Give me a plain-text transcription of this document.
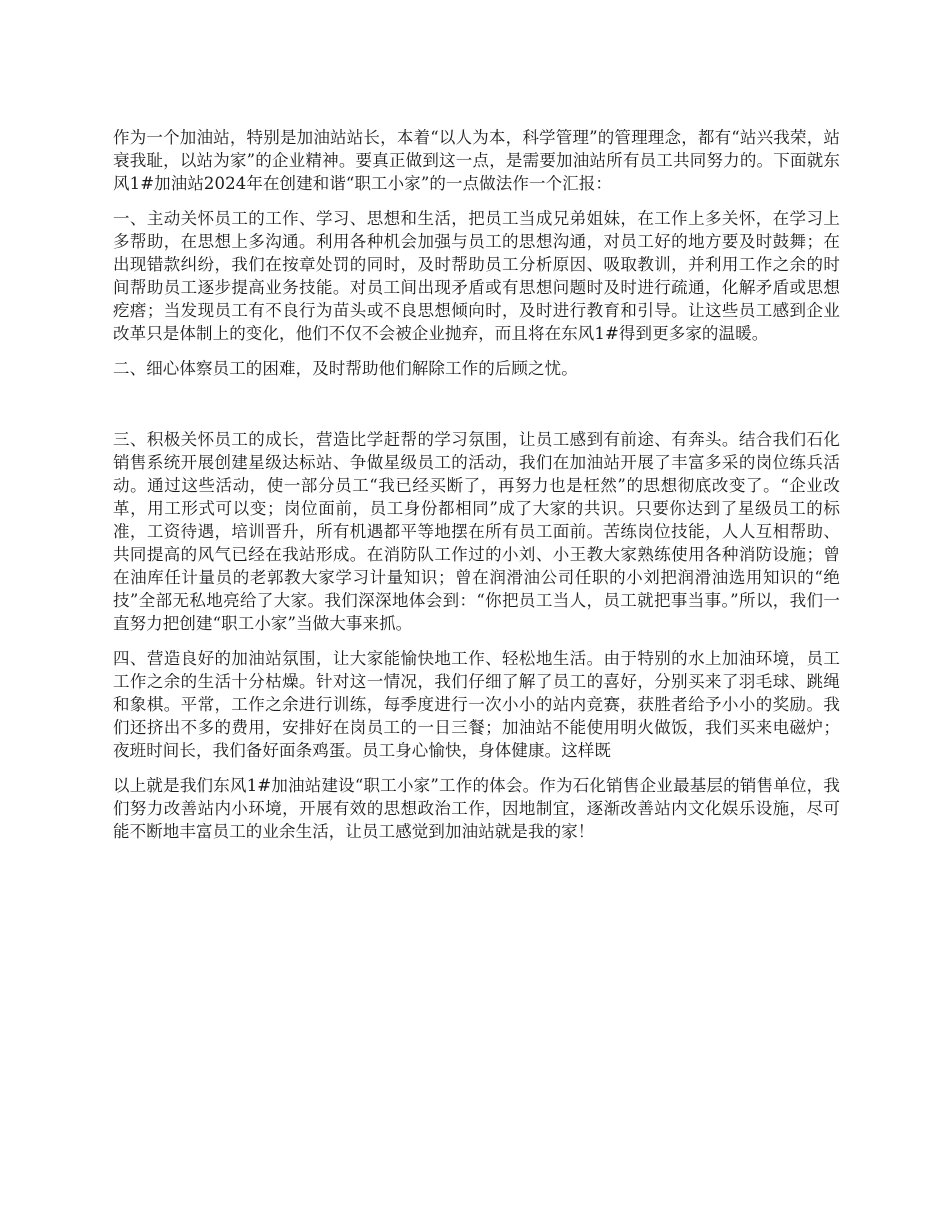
作为一个加油站，特别是加油站站长，本着“以人为本，科学管理”的管理理念，都有“站兴我荣，站衰我耻，以站为家”的企业精神。要真正做到这一点，是需要加油站所有员工共同努力的。下面就东风1#加油站2024年在创建和谐“职工小家”的一点做法作一个汇报：

一、主动关怀员工的工作、学习、思想和生活，把员工当成兄弟姐妹，在工作上多关怀，在学习上多帮助，在思想上多沟通。利用各种机会加强与员工的思想沟通，对员工好的地方要及时鼓舞；在出现错款纠纷，我们在按章处罚的同时，及时帮助员工分析原因、吸取教训，并利用工作之余的时间帮助员工逐步提高业务技能。对员工间出现矛盾或有思想问题时及时进行疏通，化解矛盾或思想疙瘩；当发现员工有不良行为苗头或不良思想倾向时，及时进行教育和引导。让这些员工感到企业改革只是体制上的变化，他们不仅不会被企业抛弃，而且将在东风1#得到更多家的温暖。

二、细心体察员工的困难，及时帮助他们解除工作的后顾之忧。

三、积极关怀员工的成长，营造比学赶帮的学习氛围，让员工感到有前途、有奔头。结合我们石化销售系统开展创建星级达标站、争做星级员工的活动，我们在加油站开展了丰富多采的岗位练兵活动。通过这些活动，使一部分员工“我已经买断了，再努力也是枉然”的思想彻底改变了。“企业改革，用工形式可以变；岗位面前，员工身份都相同”成了大家的共识。只要你达到了星级员工的标准，工资待遇，培训晋升，所有机遇都平等地摆在所有员工面前。苦练岗位技能，人人互相帮助、共同提高的风气已经在我站形成。在消防队工作过的小刘、小王教大家熟练使用各种消防设施；曾在油库任计量员的老郭教大家学习计量知识；曾在润滑油公司任职的小刘把润滑油选用知识的“绝技”全部无私地亮给了大家。我们深深地体会到：“你把员工当人，员工就把事当事。”所以，我们一直努力把创建“职工小家”当做大事来抓。

四、营造良好的加油站氛围，让大家能愉快地工作、轻松地生活。由于特别的水上加油环境，员工工作之余的生活十分枯燥。针对这一情况，我们仔细了解了员工的喜好，分别买来了羽毛球、跳绳和象棋。平常，工作之余进行训练，每季度进行一次小小的站内竞赛，获胜者给予小小的奖励。我们还挤出不多的费用，安排好在岗员工的一日三餐；加油站不能使用明火做饭，我们买来电磁炉；夜班时间长，我们备好面条鸡蛋。员工身心愉快，身体健康。这样既

以上就是我们东风1#加油站建设“职工小家”工作的体会。作为石化销售企业最基层的销售单位，我们努力改善站内小环境，开展有效的思想政治工作，因地制宜，逐渐改善站内文化娱乐设施，尽可能不断地丰富员工的业余生活，让员工感觉到加油站就是我的家！
